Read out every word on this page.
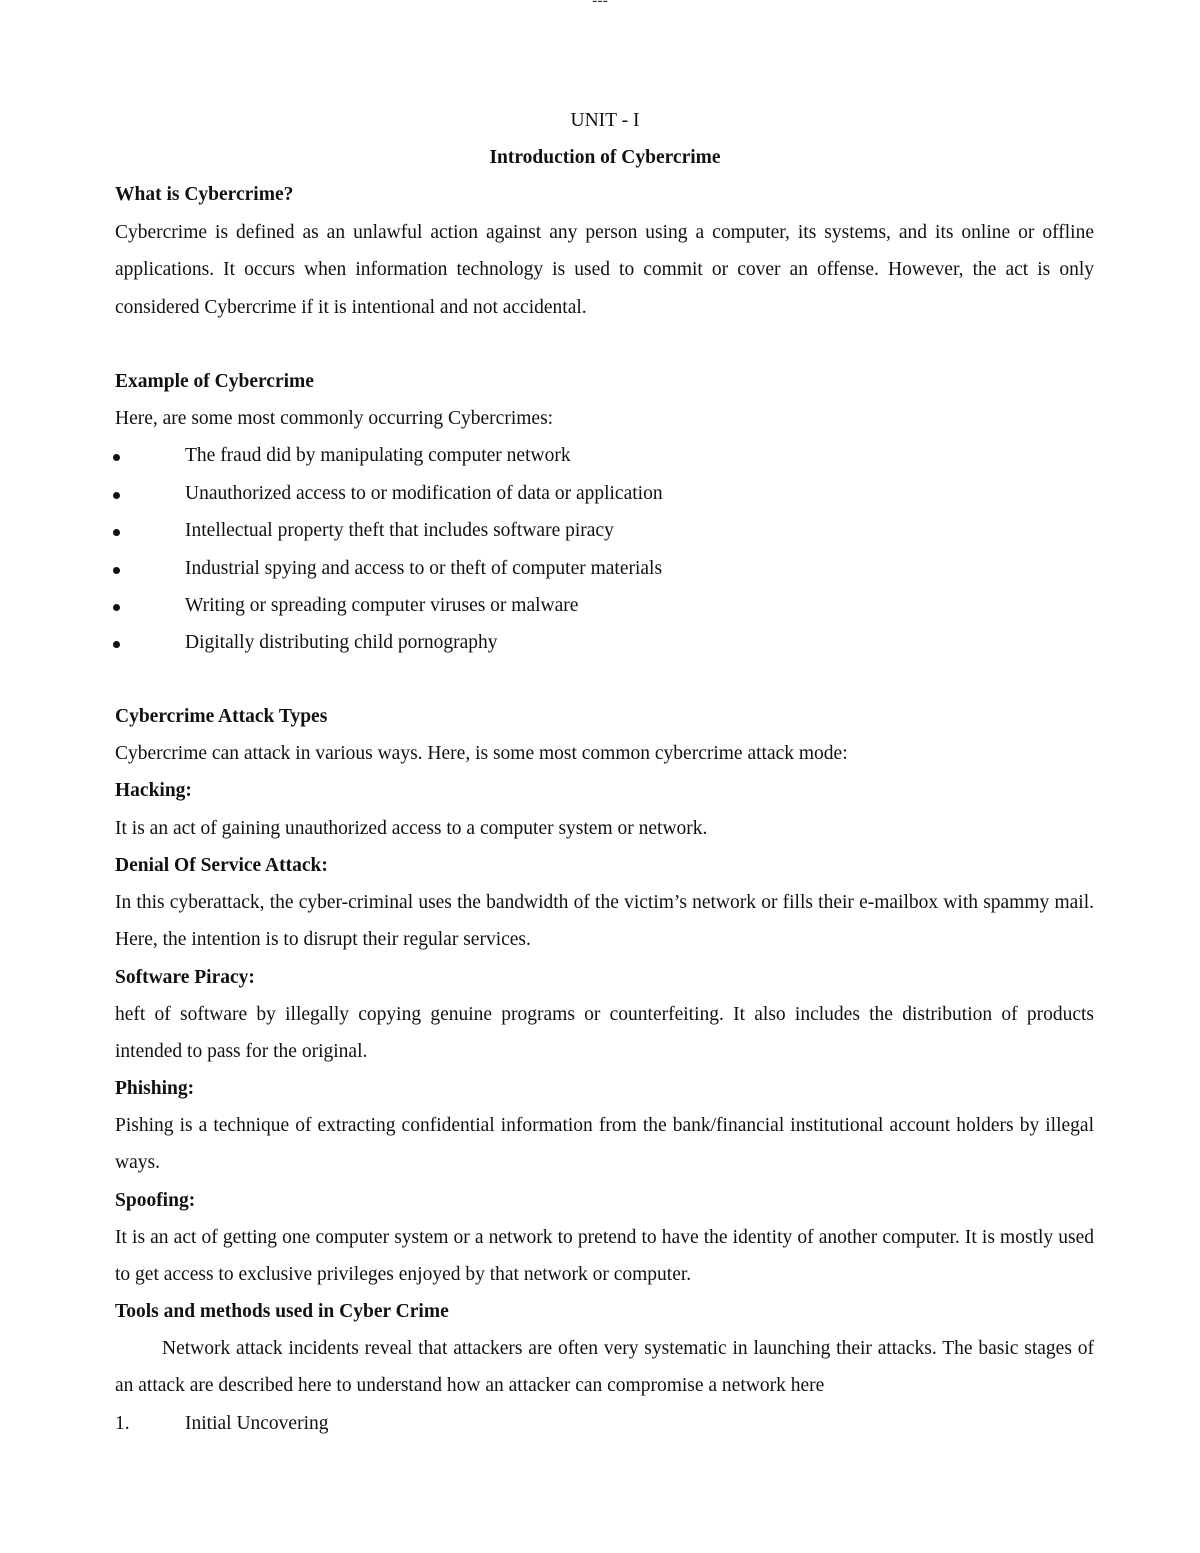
---
UNIT - I
Introduction of Cybercrime
What is Cybercrime?

Cybercrime is defined as an unlawful action against any person using a computer, its systems, and its online or offline applications. It occurs when information technology is used to commit or cover an offense. However, the act is only considered Cybercrime if it is intentional and not accidental.

Example of Cybercrime
Here, are some most commonly occurring Cybercrimes:
The fraud did by manipulating computer network
Unauthorized access to or modification of data or application
Intellectual property theft that includes software piracy
Industrial spying and access to or theft of computer materials
Writing or spreading computer viruses or malware
Digitally distributing child pornography
Cybercrime Attack Types
Cybercrime can attack in various ways. Here, is some most common cybercrime attack mode:
Hacking:
It is an act of gaining unauthorized access to a computer system or network.
Denial Of Service Attack:

In this cyberattack, the cyber-criminal uses the bandwidth of the victim’s network or fills their e-mailbox with spammy mail. Here, the intention is to disrupt their regular services.

Software Piracy:

heft of software by illegally copying genuine programs or counterfeiting. It also includes the distribution of products intended to pass for the original.

Phishing:

Pishing is a technique of extracting confidential information from the bank/financial institutional account holders by illegal ways.

Spoofing:

It is an act of getting one computer system or a network to pretend to have the identity of another computer. It is mostly used to get access to exclusive privileges enjoyed by that network or computer.

Tools and methods used in Cyber Crime

Network attack incidents reveal that attackers are often very systematic in launching their attacks. The basic stages of an attack are described here to understand how an attacker can compromise a network here

1.	Initial Uncovering
